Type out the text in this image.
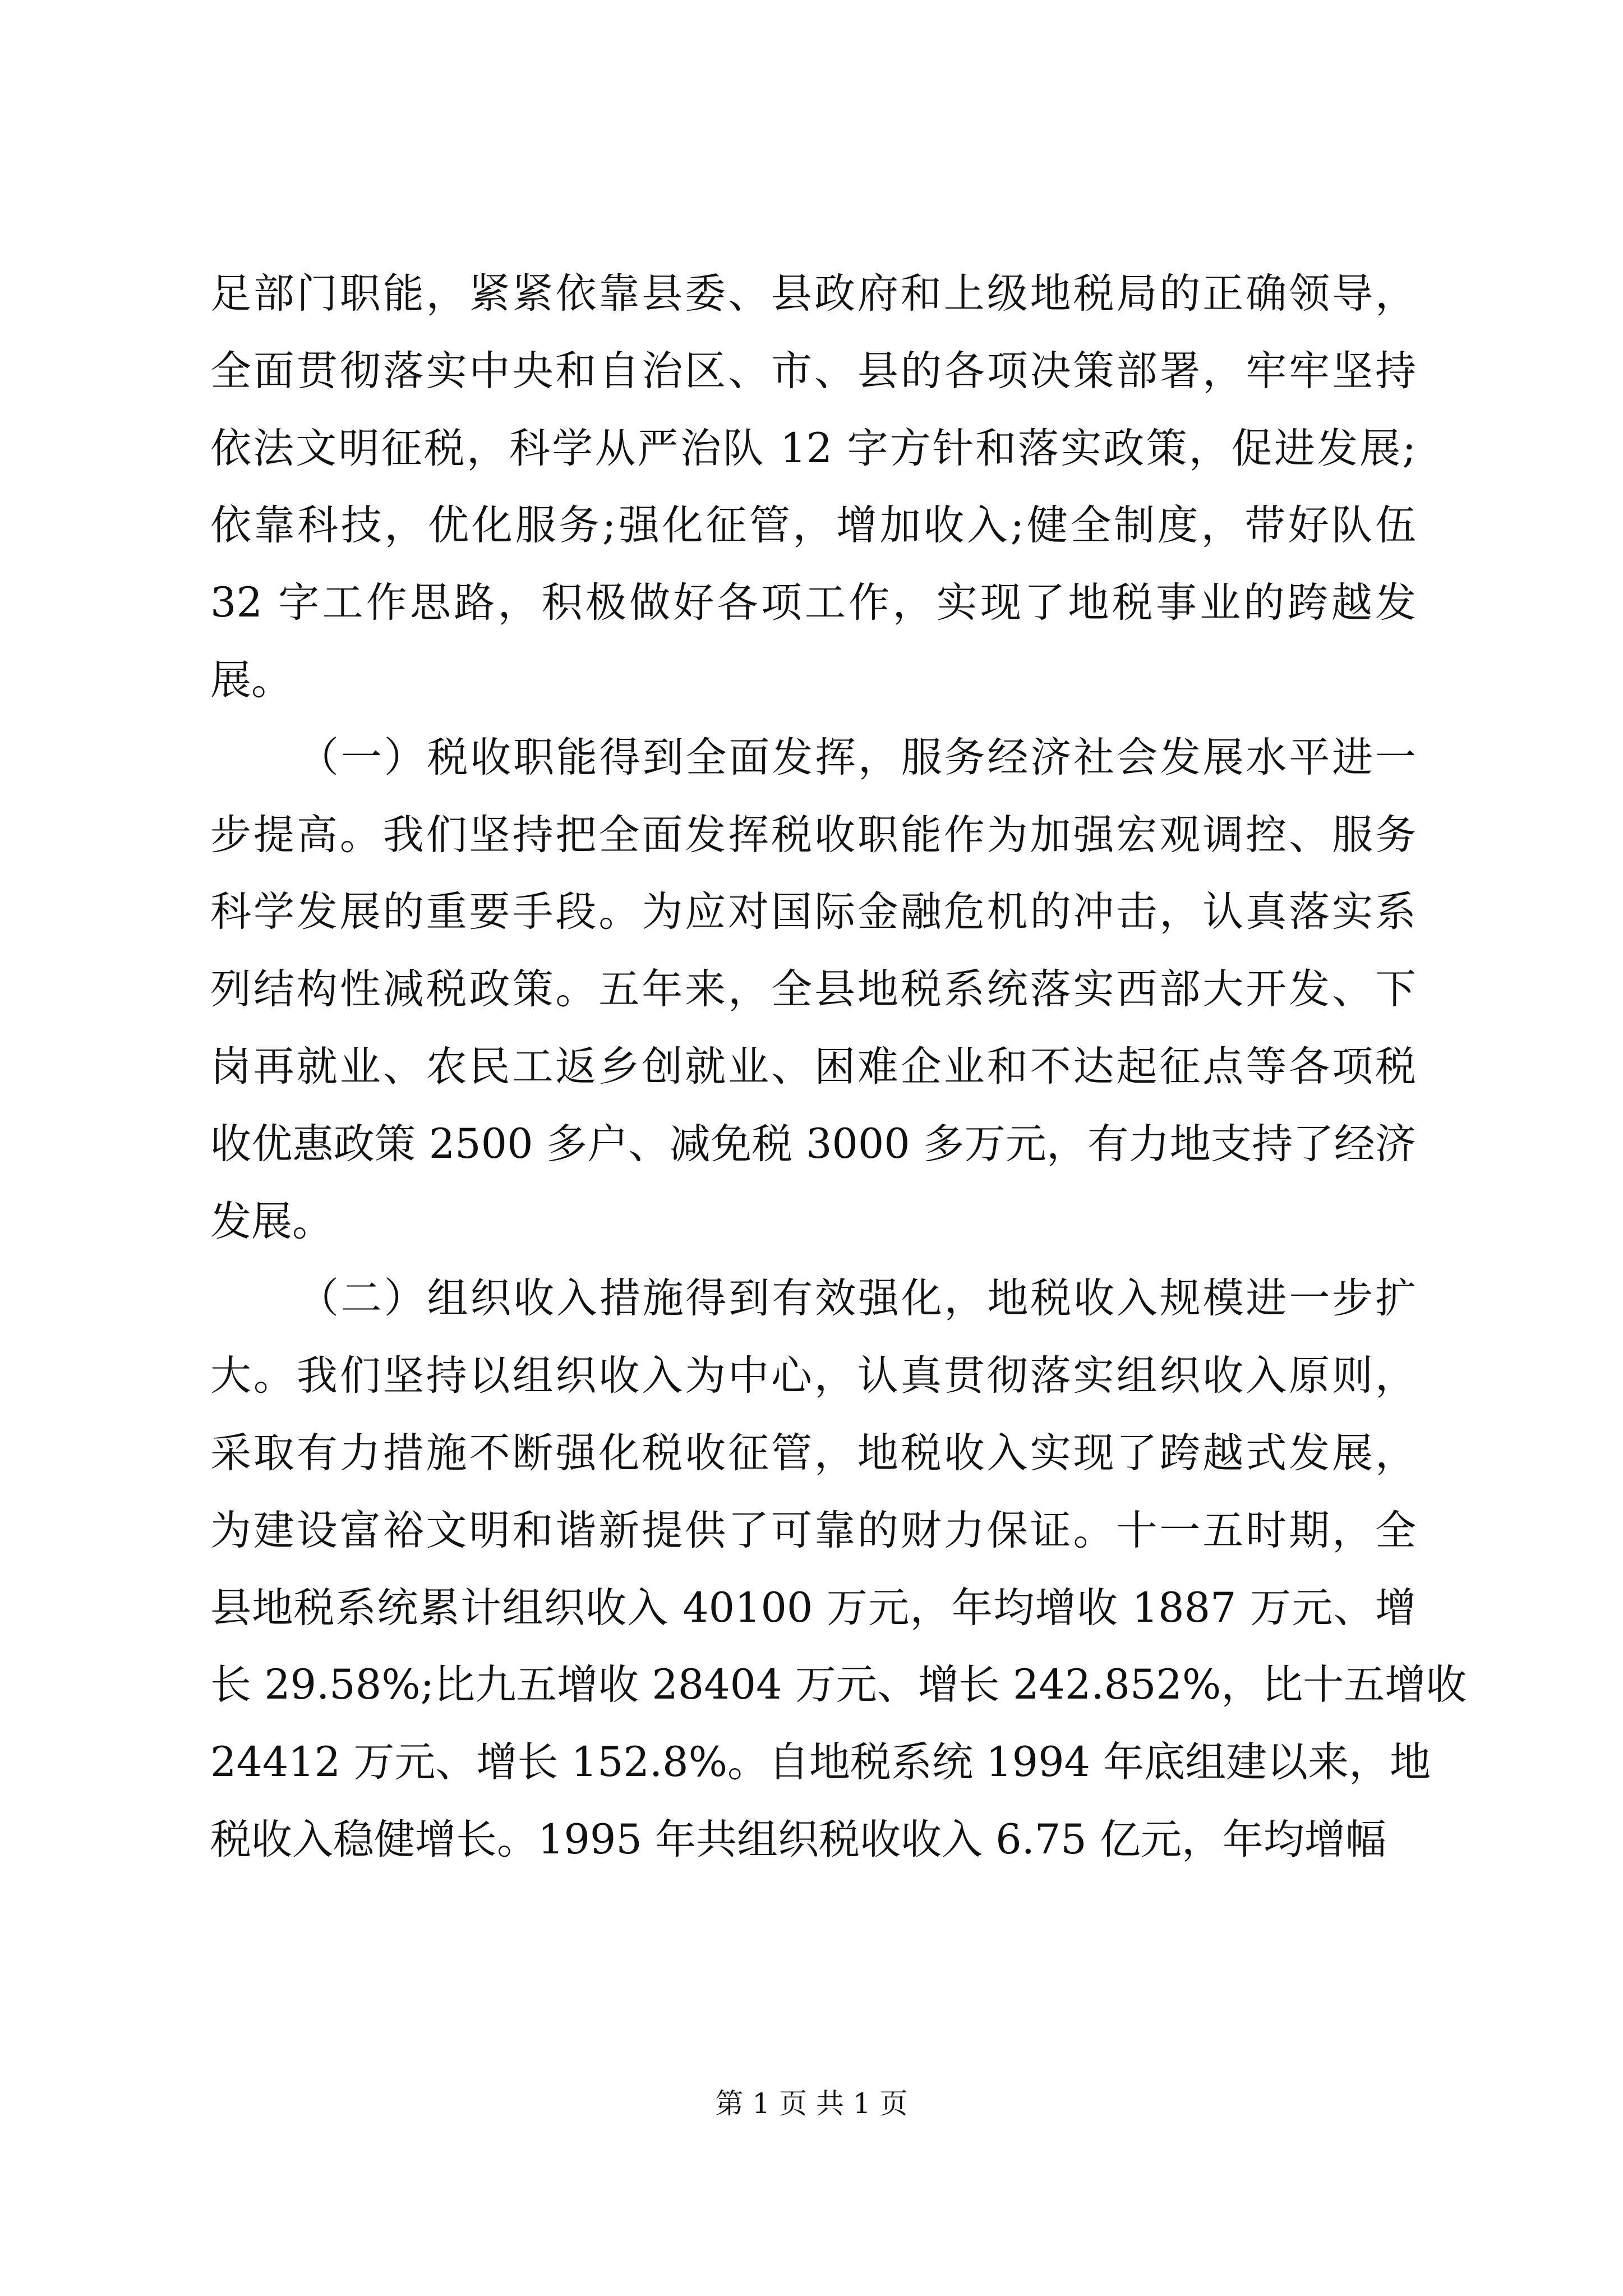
足部门职能，紧紧依靠县委、县政府和上级地税局的正确领导，
全面贯彻落实中央和自治区、市、县的各项决策部署，牢牢坚持
依法文明征税，科学从严治队 12 字方针和落实政策，促进发展;
依靠科技，优化服务;强化征管，增加收入;健全制度，带好队伍
32 字工作思路，积极做好各项工作，实现了地税事业的跨越发
展。
（一）税收职能得到全面发挥，服务经济社会发展水平进一
步提高。我们坚持把全面发挥税收职能作为加强宏观调控、服务
科学发展的重要手段。为应对国际金融危机的冲击，认真落实系
列结构性减税政策。五年来，全县地税系统落实西部大开发、下
岗再就业、农民工返乡创就业、困难企业和不达起征点等各项税
收优惠政策 2500 多户、减免税 3000 多万元，有力地支持了经济
发展。
（二）组织收入措施得到有效强化，地税收入规模进一步扩
大。我们坚持以组织收入为中心，认真贯彻落实组织收入原则，
采取有力措施不断强化税收征管，地税收入实现了跨越式发展，
为建设富裕文明和谐新提供了可靠的财力保证。十一五时期，全
县地税系统累计组织收入 40100 万元，年均增收 1887 万元、增
长 29.58%;比九五增收 28404 万元、增长 242.852%，比十五增收
24412 万元、增长 152.8%。自地税系统 1994 年底组建以来，地
税收入稳健增长。1995 年共组织税收收入 6.75 亿元，年均增幅
第 1 页 共 1 页
